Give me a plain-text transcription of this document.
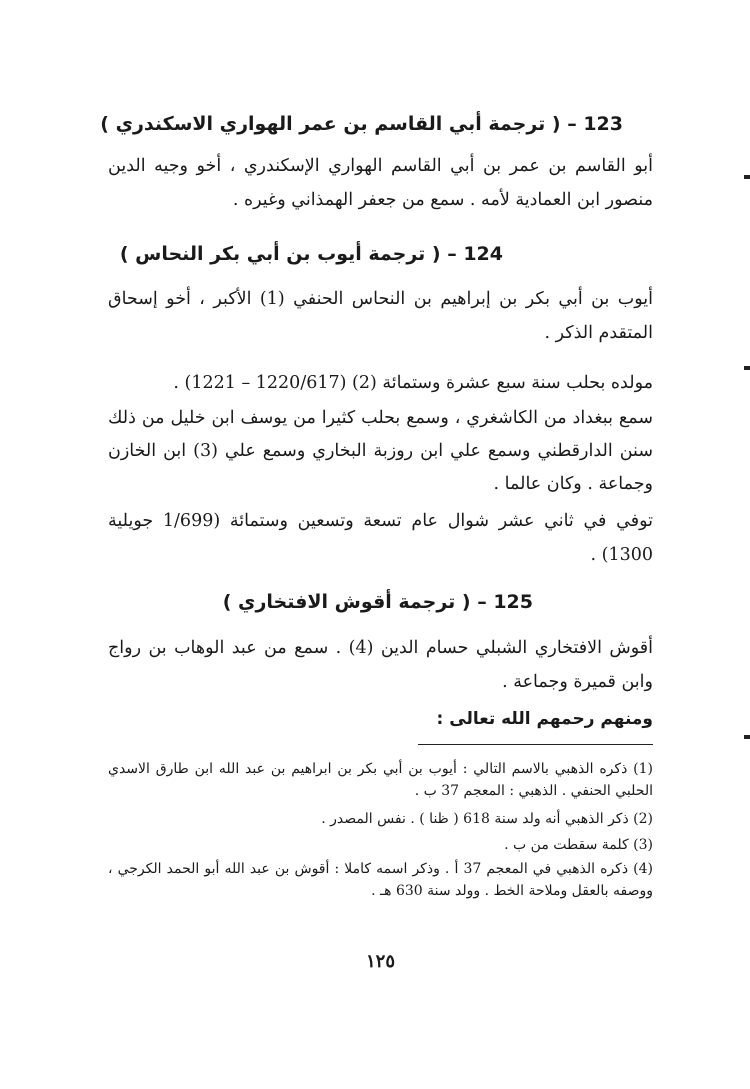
123 – ( ترجمة أبي القاسم بن عمر الهواري الاسكندري )

أبو القاسم بن عمر بن أبي القاسم الهواري الإسكندري ، أخو وجيه الدين منصور ابن العمادية لأمه . سمع من جعفر الهمذاني وغيره .

124 – ( ترجمة أيوب بن أبي بكر النحاس )

أيوب بن أبي بكر بن إبراهيم بن النحاس الحنفي (1) الأكبر ، أخو إسحاق المتقدم الذكر .

مولده بحلب سنة سبع عشرة وستمائة (2) (1220/617 – 1221) .

سمع ببغداد من الكاشغري ، وسمع بحلب كثيرا من يوسف ابن خليل من ذلك سنن الدارقطني وسمع علي ابن روزبة البخاري وسمع علي (3) ابن الخازن وجماعة . وكان عالما .

توفي في ثاني عشر شوال عام تسعة وتسعين وستمائة (1/699 جويلية 1300) .

125 – ( ترجمة أقوش الافتخاري )

أقوش الافتخاري الشبلي حسام الدين (4) . سمع من عبد الوهاب بن رواج وابن قميرة وجماعة .

ومنهم رحمهم الله تعالى :

(1) ذكره الذهبي بالاسم التالي : أيوب بن أبي بكر بن ابراهيم بن عبد الله ابن طارق الاسدي الحلبي الحنفي . الذهبي : المعجم 37 ب .

(2) ذكر الذهبي أنه ولد سنة 618 ( ظنا ) . نفس المصدر .

(3) كلمة سقطت من ب .

(4) ذكره الذهبي في المعجم 37 أ . وذكر اسمه كاملا : أقوش بن عبد الله أبو الحمد الكرجي ، ووصفه بالعقل وملاحة الخط . وولد سنة 630 هـ .

١٢٥
